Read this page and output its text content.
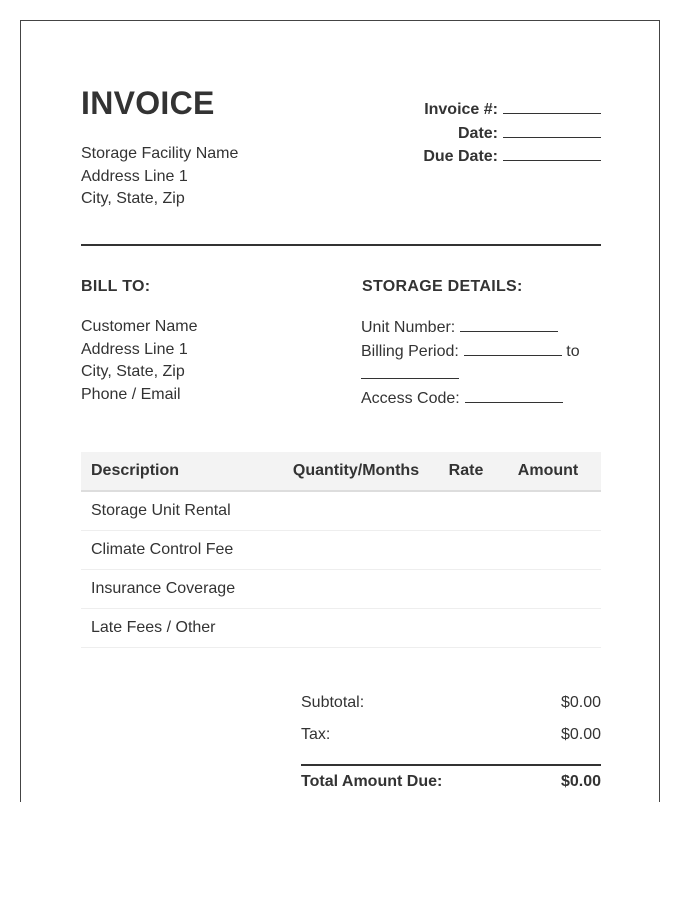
INVOICE
Storage Facility Name
Address Line 1
City, State, Zip
Invoice #:
Date:
Due Date:
BILL TO:	STORAGE DETAILS:
Customer Name
Address Line 1
City, State, Zip
Phone / Email
Unit Number:
Billing Period:	to
Access Code:
Description	Quantity/Months	Rate	Amount
Storage Unit Rental			
Climate Control Fee			
Insurance Coverage			
Late Fees / Other			
Subtotal:	$0.00
Tax:	$0.00
Total Amount Due:	$0.00
